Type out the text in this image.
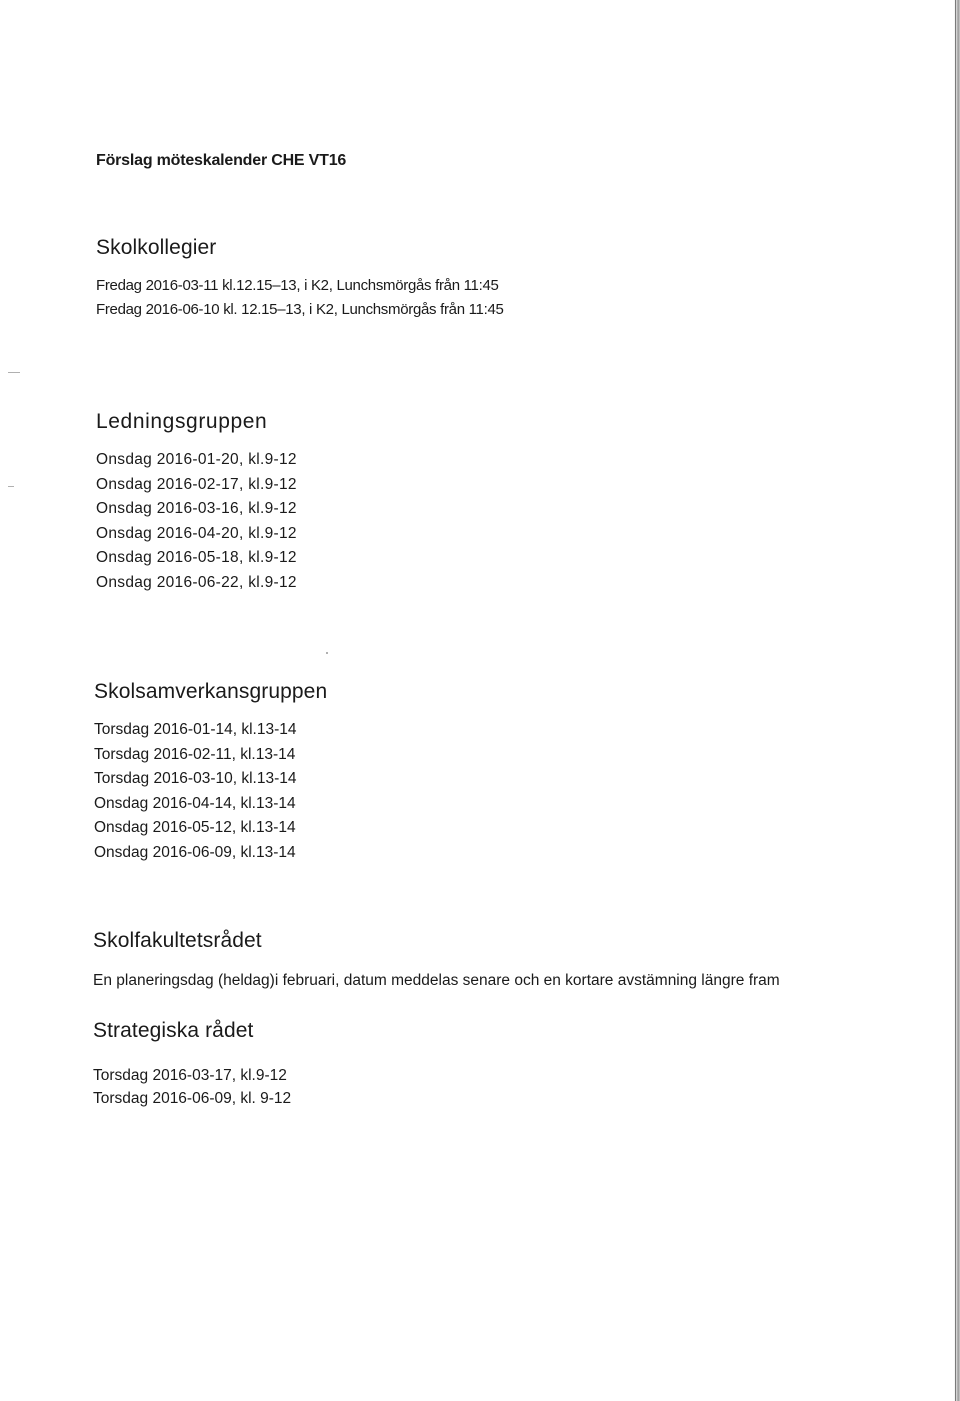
Förslag möteskalender CHE VT16
Skolkollegier
Fredag 2016-03-11 kl.12.15–13, i K2, Lunchsmörgås från 11:45
Fredag 2016-06-10 kl. 12.15–13, i K2, Lunchsmörgås från 11:45
Ledningsgruppen
Onsdag 2016-01-20, kl.9-12
Onsdag 2016-02-17, kl.9-12
Onsdag 2016-03-16, kl.9-12
Onsdag 2016-04-20, kl.9-12
Onsdag 2016-05-18, kl.9-12
Onsdag 2016-06-22, kl.9-12
Skolsamverkansgruppen
Torsdag 2016-01-14, kl.13-14
Torsdag 2016-02-11, kl.13-14
Torsdag 2016-03-10, kl.13-14
Onsdag 2016-04-14, kl.13-14
Onsdag 2016-05-12, kl.13-14
Onsdag 2016-06-09, kl.13-14
Skolfakultetsrådet
En planeringsdag (heldag)i februari, datum meddelas senare och en kortare avstämning längre fram
Strategiska rådet
Torsdag 2016-03-17, kl.9-12
Torsdag 2016-06-09, kl. 9-12
